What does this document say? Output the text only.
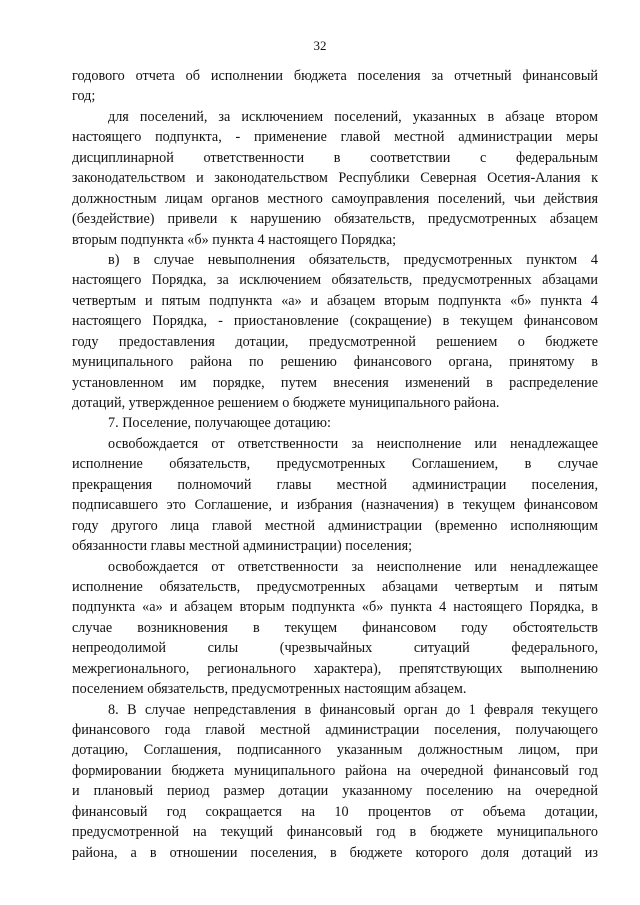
32
годового отчета об исполнении бюджета поселения за отчетный финансовый
год;
для поселений, за исключением поселений, указанных в абзаце втором
настоящего подпункта, - применение главой местной администрации меры
дисциплинарной ответственности в соответствии с федеральным
законодательством и законодательством Республики Северная Осетия-Алания к
должностным лицам органов местного самоуправления поселений, чьи действия
(бездействие) привели к нарушению обязательств, предусмотренных абзацем
вторым подпункта «б» пункта 4 настоящего Порядка;
в) в случае невыполнения обязательств, предусмотренных пунктом 4
настоящего Порядка, за исключением обязательств, предусмотренных абзацами
четвертым и пятым подпункта «а» и абзацем вторым подпункта «б» пункта 4
настоящего Порядка, - приостановление (сокращение) в текущем финансовом
году предоставления дотации, предусмотренной решением о бюджете
муниципального района по решению финансового органа, принятому в
установленном им порядке, путем внесения изменений в распределение
дотаций, утвержденное решением о бюджете муниципального района.
7. Поселение, получающее дотацию:
освобождается от ответственности за неисполнение или ненадлежащее
исполнение обязательств, предусмотренных Соглашением, в случае
прекращения полномочий главы местной администрации поселения,
подписавшего это Соглашение, и избрания (назначения) в текущем финансовом
году другого лица главой местной администрации (временно исполняющим
обязанности главы местной администрации) поселения;
освобождается от ответственности за неисполнение или ненадлежащее
исполнение обязательств, предусмотренных абзацами четвертым и пятым
подпункта «а» и абзацем вторым подпункта «б» пункта 4 настоящего Порядка, в
случае возникновения в текущем финансовом году обстоятельств
непреодолимой силы (чрезвычайных ситуаций федерального,
межрегионального, регионального характера), препятствующих выполнению
поселением обязательств, предусмотренных настоящим абзацем.
8. В случае непредставления в финансовый орган до 1 февраля текущего
финансового года главой местной администрации поселения, получающего
дотацию, Соглашения, подписанного указанным должностным лицом, при
формировании бюджета муниципального района на очередной финансовый год
и плановый период размер дотации указанному поселению на очередной
финансовый год сокращается на 10 процентов от объема дотации,
предусмотренной на текущий финансовый год в бюджете муниципального
района, а в отношении поселения, в бюджете которого доля дотаций из
